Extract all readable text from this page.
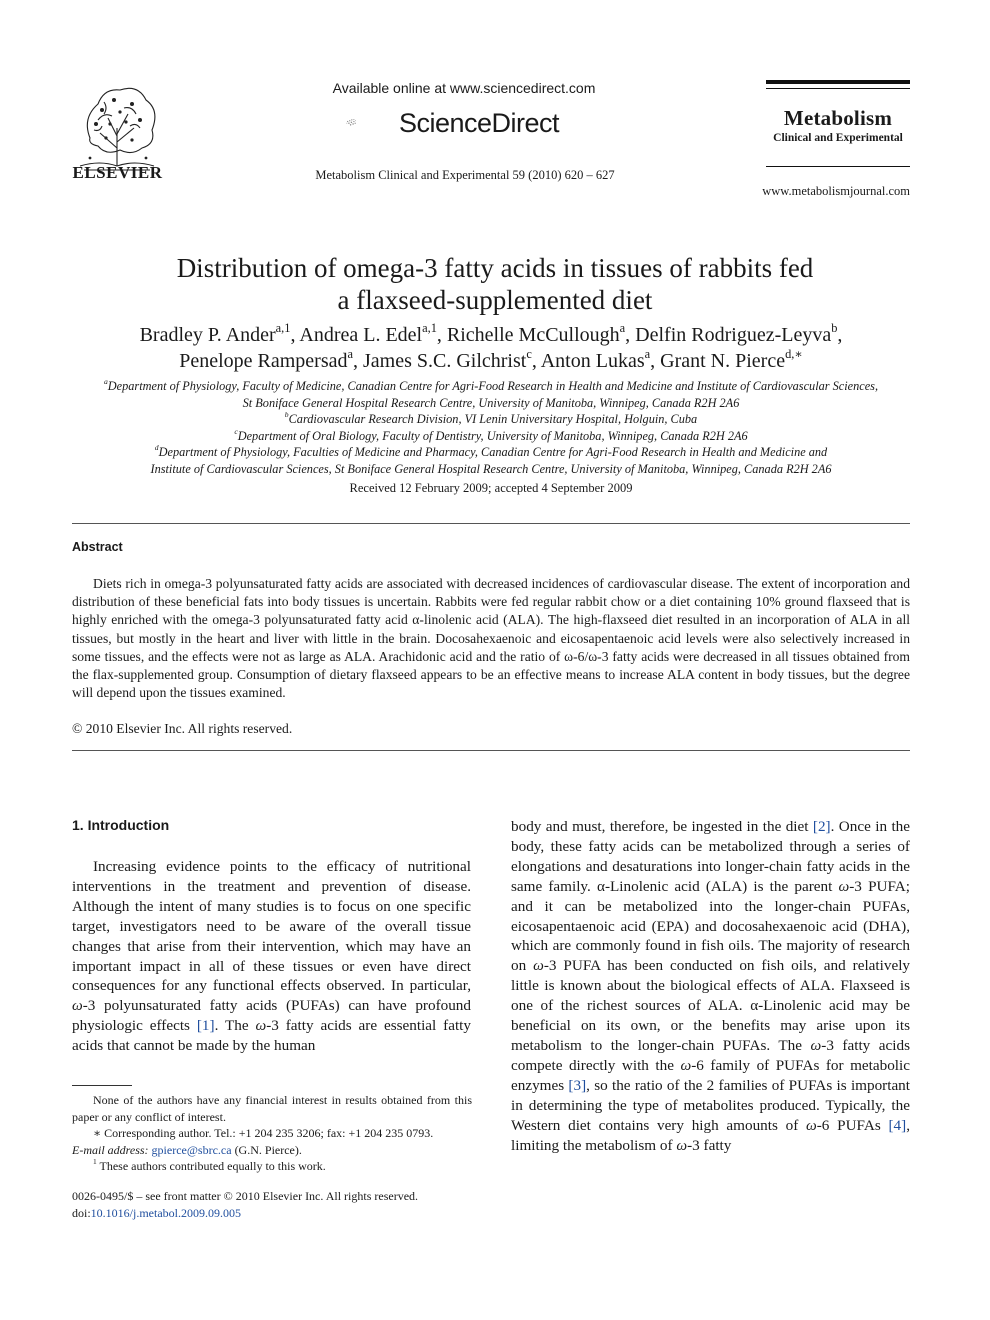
ELSEVIER
Available online at www.sciencedirect.com
ScienceDirect
Metabolism Clinical and Experimental 59 (2010) 620 – 627
Metabolism
Clinical and Experimental
www.metabolismjournal.com
Distribution of omega-3 fatty acids in tissues of rabbits fed
a flaxseed-supplemented diet
Bradley P. Ander$^{a,1}$, Andrea L. Edel$^{a,1}$, Richelle McCullough$^a$, Delfin Rodriguez-Leyva$^b$,
Penelope Rampersad$^a$, James S.C. Gilchrist$^c$, Anton Lukas$^a$, Grant N. Pierce$^{d,∗}$
$^a$Department of Physiology, Faculty of Medicine, Canadian Centre for Agri-Food Research in Health and Medicine and Institute of Cardiovascular Sciences,
St Boniface General Hospital Research Centre, University of Manitoba, Winnipeg, Canada R2H 2A6
$^b$Cardiovascular Research Division, VI Lenin Universitary Hospital, Holguin, Cuba
$^c$Department of Oral Biology, Faculty of Dentistry, University of Manitoba, Winnipeg, Canada R2H 2A6
$^d$Department of Physiology, Faculties of Medicine and Pharmacy, Canadian Centre for Agri-Food Research in Health and Medicine and
Institute of Cardiovascular Sciences, St Boniface General Hospital Research Centre, University of Manitoba, Winnipeg, Canada R2H 2A6
Received 12 February 2009; accepted 4 September 2009
Abstract

Diets rich in omega-3 polyunsaturated fatty acids are associated with decreased incidences of cardiovascular disease. The extent of incorporation and distribution of these beneficial fats into body tissues is uncertain. Rabbits were fed regular rabbit chow or a diet containing 10% ground flaxseed that is highly enriched with the omega-3 polyunsaturated fatty acid α-linolenic acid (ALA). The high-flaxseed diet resulted in an incorporation of ALA in all tissues, but mostly in the heart and liver with little in the brain. Docosahexaenoic and eicosapentaenoic acid levels were also selectively increased in some tissues, and the effects were not as large as ALA. Arachidonic acid and the ratio of ω-6/ω-3 fatty acids were decreased in all tissues obtained from the flax-supplemented group. Consumption of dietary flaxseed appears to be an effective means to increase ALA content in body tissues, but the degree will depend upon the tissues examined.

© 2010 Elsevier Inc. All rights reserved.
1. Introduction

Increasing evidence points to the efficacy of nutritional interventions in the treatment and prevention of disease. Although the intent of many studies is to focus on one specific target, investigators need to be aware of the overall tissue changes that arise from their intervention, which may have an important impact in all of these tissues or even have direct consequences for any functional effects observed. In particular, ω-3 polyunsaturated fatty acids (PUFAs) can have profound physiologic effects [1]. The ω-3 fatty acids are essential fatty acids that cannot be made by the human

body and must, therefore, be ingested in the diet [2]. Once in the body, these fatty acids can be metabolized through a series of elongations and desaturations into longer-chain fatty acids in the same family. α-Linolenic acid (ALA) is the parent ω-3 PUFA; and it can be metabolized into the longer-chain PUFAs, eicosapentaenoic acid (EPA) and docosahexaenoic acid (DHA), which are commonly found in fish oils. The majority of research on ω-3 PUFA has been conducted on fish oils, and relatively little is known about the biological effects of ALA. Flaxseed is one of the richest sources of ALA. α-Linolenic acid may be beneficial on its own, or the benefits may arise upon its metabolism to the longer-chain PUFAs. The ω-3 fatty acids compete directly with the ω-6 family of PUFAs for metabolic enzymes [3], so the ratio of the 2 families of PUFAs is important in determining the type of metabolites produced. Typically, the Western diet contains very high amounts of ω-6 PUFAs [4], limiting the metabolism of ω-3 fatty

None of the authors have any financial interest in results obtained from this paper or any conflict of interest.

∗ Corresponding author. Tel.: +1 204 235 3206; fax: +1 204 235 0793.

E-mail address: gpierce@sbrc.ca (G.N. Pierce).

$^1$ These authors contributed equally to this work.

0026-0495/$ – see front matter © 2010 Elsevier Inc. All rights reserved.
doi:10.1016/j.metabol.2009.09.005
